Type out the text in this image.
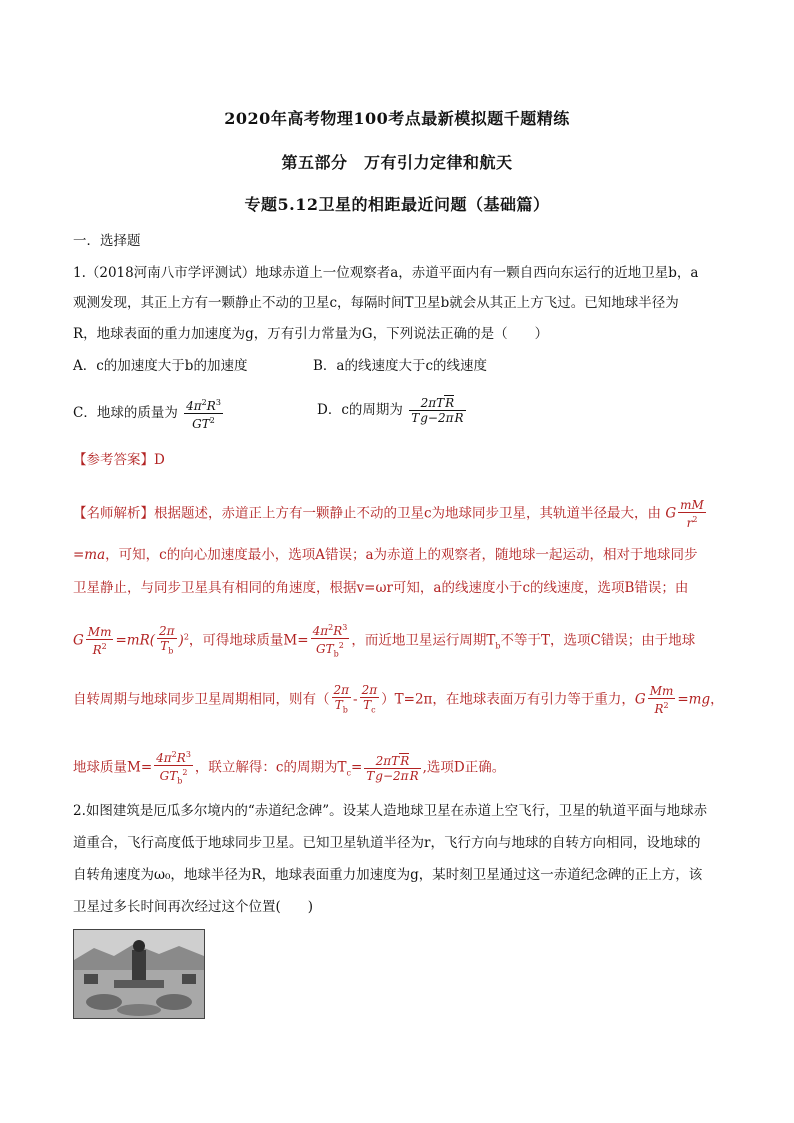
2020年高考物理100考点最新模拟题千题精练
第五部分　万有引力定律和航天
专题5.12卫星的相距最近问题（基础篇）
一．选择题
1.（2018河南八市学评测试）地球赤道上一位观察者a，赤道平面内有一颗自西向东运行的近地卫星b，a
观测发现，其正上方有一颗静止不动的卫星c，每隔时间T卫星b就会从其正上方飞过。已知地球半径为
R，地球表面的重力加速度为g，万有引力常量为G，下列说法正确的是（　　）
A．c的加速度大于b的加速度	B．a的线速度大于c的线速度
C．地球的质量为 $\frac{4\pi^2R^3}{GT^2}$	D．c的周期为 $\frac{\text{2πTR}}{Tg-2\pi R}$
【参考答案】D
【名师解析】根据题述，赤道正上方有一颗静止不动的卫星c为地球同步卫星，其轨道半径最大，由 G $\frac{mM}{r^2}$
=ma，可知，c的向心加速度最小，选项A错误；a为赤道上的观察者，随地球一起运动，相对于地球同步
卫星静止，与同步卫星具有相同的角速度，根据v=ωr可知，a的线速度小于c的线速度，选项B错误；由
G $\frac{Mm}{R^2} =mR( \frac{2\pi}{T_b} )^2$，可得地球质量$M= \frac{4\pi^2R^3}{GT_b^2}$ ，而近地卫星运行周期$T_b$不等于T，选项C错误；由于地球
自转周期与地球同步卫星周期相同，则有（ $\frac{2\pi}{T_b} - \frac{2\pi}{T_c} )T=2\pi$，在地球表面万有引力等于重力，G $\frac{Mm}{R^2} =mg$，
地球质量$M= \frac{4\pi^2R^3}{GT_b^2}$ ，联立解得：c的周期为$T_c= \frac{\text{2πTR}}{Tg-2\pi R}$ ,选项D正确。
2.如图建筑是厄瓜多尔境内的“赤道纪念碑”。设某人造地球卫星在赤道上空飞行，卫星的轨道平面与地球赤
道重合，飞行高度低于地球同步卫星。已知卫星轨道半径为r，飞行方向与地球的自转方向相同，设地球的
自转角速度为ω₀，地球半径为R，地球表面重力加速度为g，某时刻卫星通过这一赤道纪念碑的正上方，该
卫星过多长时间再次经过这个位置(　　)
